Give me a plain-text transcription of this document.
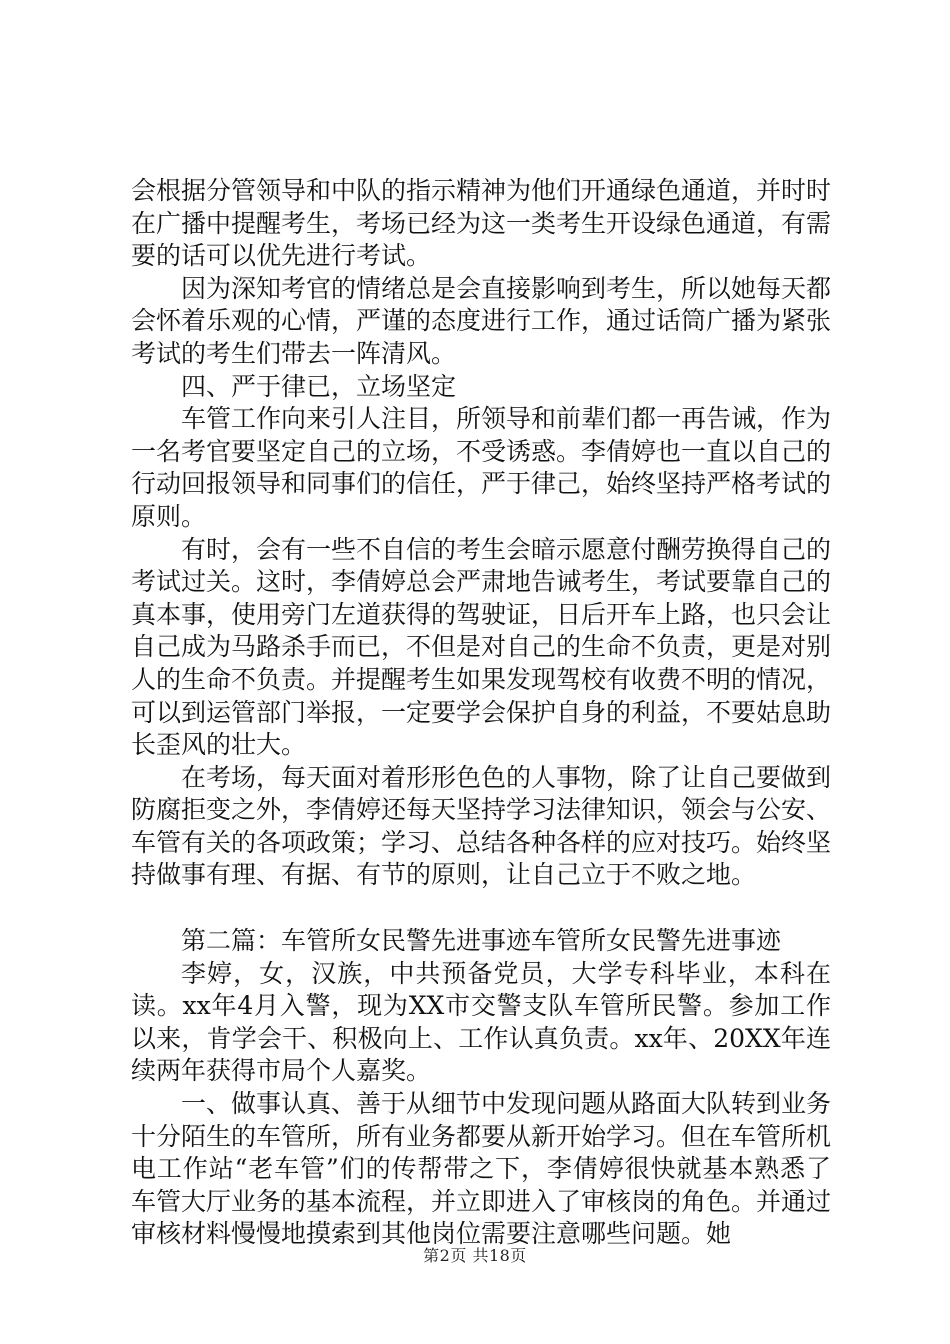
会根据分管领导和中队的指示精神为他们开通绿色通道，并时时在广播中提醒考生，考场已经为这一类考生开设绿色通道，有需要的话可以优先进行考试。

因为深知考官的情绪总是会直接影响到考生，所以她每天都会怀着乐观的心情，严谨的态度进行工作，通过话筒广播为紧张考试的考生们带去一阵清风。

四、严于律已，立场坚定

车管工作向来引人注目，所领导和前辈们都一再告诫，作为一名考官要坚定自己的立场，不受诱惑。李倩婷也一直以自己的行动回报领导和同事们的信任，严于律己，始终坚持严格考试的原则。

有时，会有一些不自信的考生会暗示愿意付酬劳换得自己的考试过关。这时，李倩婷总会严肃地告诫考生，考试要靠自己的真本事，使用旁门左道获得的驾驶证，日后开车上路，也只会让自己成为马路杀手而已，不但是对自己的生命不负责，更是对别人的生命不负责。并提醒考生如果发现驾校有收费不明的情况，可以到运管部门举报，一定要学会保护自身的利益，不要姑息助长歪风的壮大。

在考场，每天面对着形形色色的人事物，除了让自己要做到防腐拒变之外，李倩婷还每天坚持学习法律知识，领会与公安、车管有关的各项政策；学习、总结各种各样的应对技巧。始终坚持做事有理、有据、有节的原则，让自己立于不败之地。

第二篇：车管所女民警先进事迹车管所女民警先进事迹

李婷，女，汉族，中共预备党员，大学专科毕业，本科在读。xx年4月入警，现为XX市交警支队车管所民警。参加工作以来，肯学会干、积极向上、工作认真负责。xx年、20XX年连续两年获得市局个人嘉奖。

一、做事认真、善于从细节中发现问题从路面大队转到业务十分陌生的车管所，所有业务都要从新开始学习。但在车管所机电工作站“老车管”们的传帮带之下，李倩婷很快就基本熟悉了车管大厅业务的基本流程，并立即进入了审核岗的角色。并通过审核材料慢慢地摸索到其他岗位需要注意哪些问题。她

第2页 共18页
